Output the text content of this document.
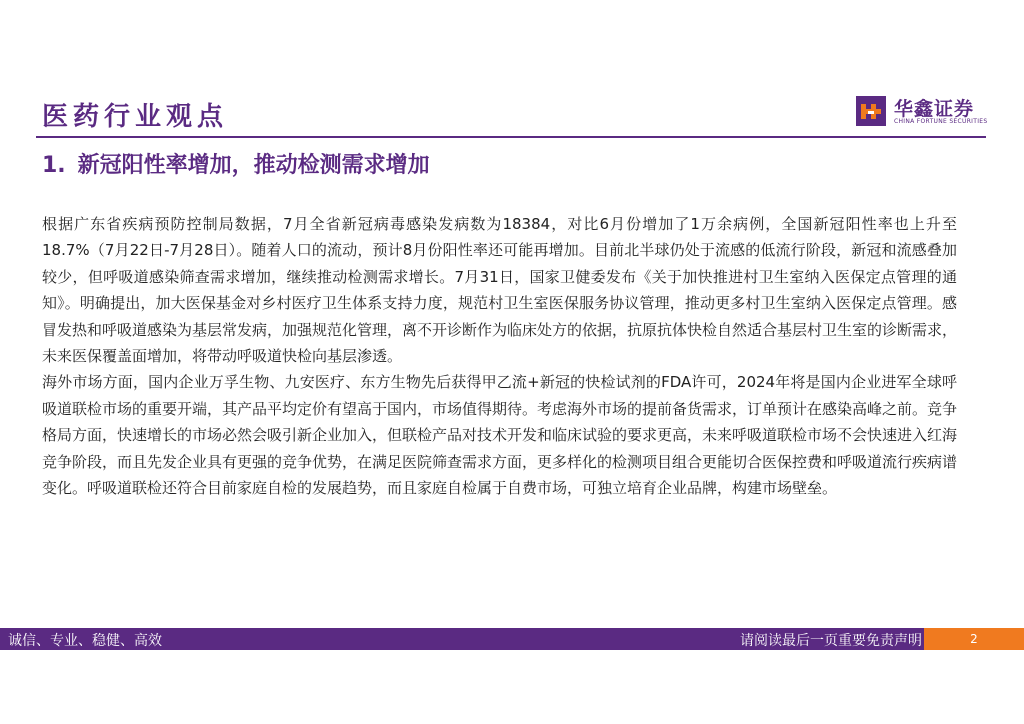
医药行业观点	华鑫证券
CHINA FORTUNE SECURITIES
1. 新冠阳性率增加，推动检测需求增加

根据广东省疾病预防控制局数据，7月全省新冠病毒感染发病数为18384，对比6月份增加了1万余病例，全国新冠阳性率也上升至18.7%（7月22日-7月28日）。随着人口的流动，预计8月份阳性率还可能再增加。目前北半球仍处于流感的低流行阶段，新冠和流感叠加较少，但呼吸道感染筛查需求增加，继续推动检测需求增长。7月31日，国家卫健委发布《关于加快推进村卫生室纳入医保定点管理的通知》。明确提出，加大医保基金对乡村医疗卫生体系支持力度，规范村卫生室医保服务协议管理，推动更多村卫生室纳入医保定点管理。感冒发热和呼吸道感染为基层常发病，加强规范化管理，离不开诊断作为临床处方的依据，抗原抗体快检自然适合基层村卫生室的诊断需求，未来医保覆盖面增加，将带动呼吸道快检向基层渗透。

海外市场方面，国内企业万孚生物、九安医疗、东方生物先后获得甲乙流+新冠的快检试剂的FDA许可，2024年将是国内企业进军全球呼吸道联检市场的重要开端，其产品平均定价有望高于国内，市场值得期待。考虑海外市场的提前备货需求，订单预计在感染高峰之前。竞争格局方面，快速增长的市场必然会吸引新企业加入，但联检产品对技术开发和临床试验的要求更高，未来呼吸道联检市场不会快速进入红海竞争阶段，而且先发企业具有更强的竞争优势，在满足医院筛查需求方面，更多样化的检测项目组合更能切合医保控费和呼吸道流行疾病谱变化。呼吸道联检还符合目前家庭自检的发展趋势，而且家庭自检属于自费市场，可独立培育企业品牌，构建市场壁垒。

诚信、专业、稳健、高效	请阅读最后一页重要免责声明	2
